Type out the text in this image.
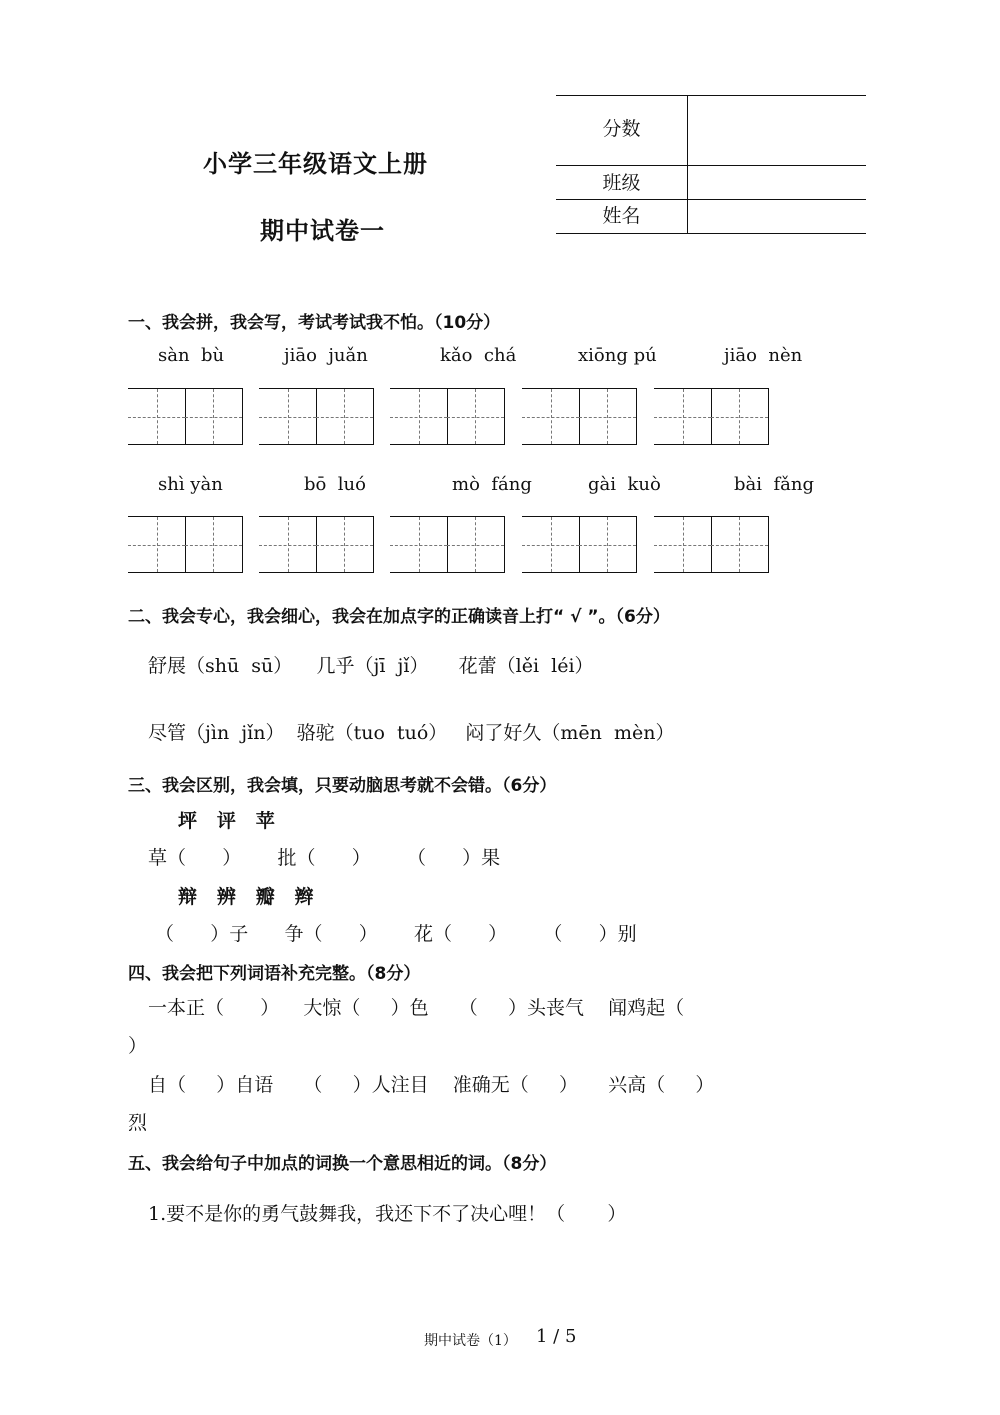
小学三年级语文上册
期中试卷一
分数
班级
姓名
一、我会拼，我会写，考试考试我不怕。（10分）
sàn  bù	jiāo  juǎn	kǎo  chá	xiōng pú	jiāo  nèn
shì yàn	bō  luó	mò  fáng	gài  kuò	bài  fǎng
二、我会专心，我会细心，我会在加点字的正确读音上打“ √ ”。（6分）
舒展（shū  sū）    几乎（jī  jǐ）     花蕾（lěi  léi）
尽管（jìn  jǐn）  骆驼（tuo  tuó）   闷了好久（mēn  mèn）
三、我会区别，我会填，只要动脑思考就不会错。（6分）
坪   评   苹
草（      ）      批（      ）      （      ）果
辩   辨   瓣   辫
（      ）子      争（      ）      花（      ）      （      ）别
四、我会把下列词语补充完整。（8分）
一本正（      ）    大惊（     ）色     （     ）头丧气    闻鸡起（
）
自（     ）自语     （     ）人注目    准确无（     ）     兴高（     ）
烈
五、我会给句子中加点的词换一个意思相近的词。（8分）
1.要不是你的勇气鼓舞我，我还下不了决心哩！（       ）
期中试卷（1） 1 / 5
